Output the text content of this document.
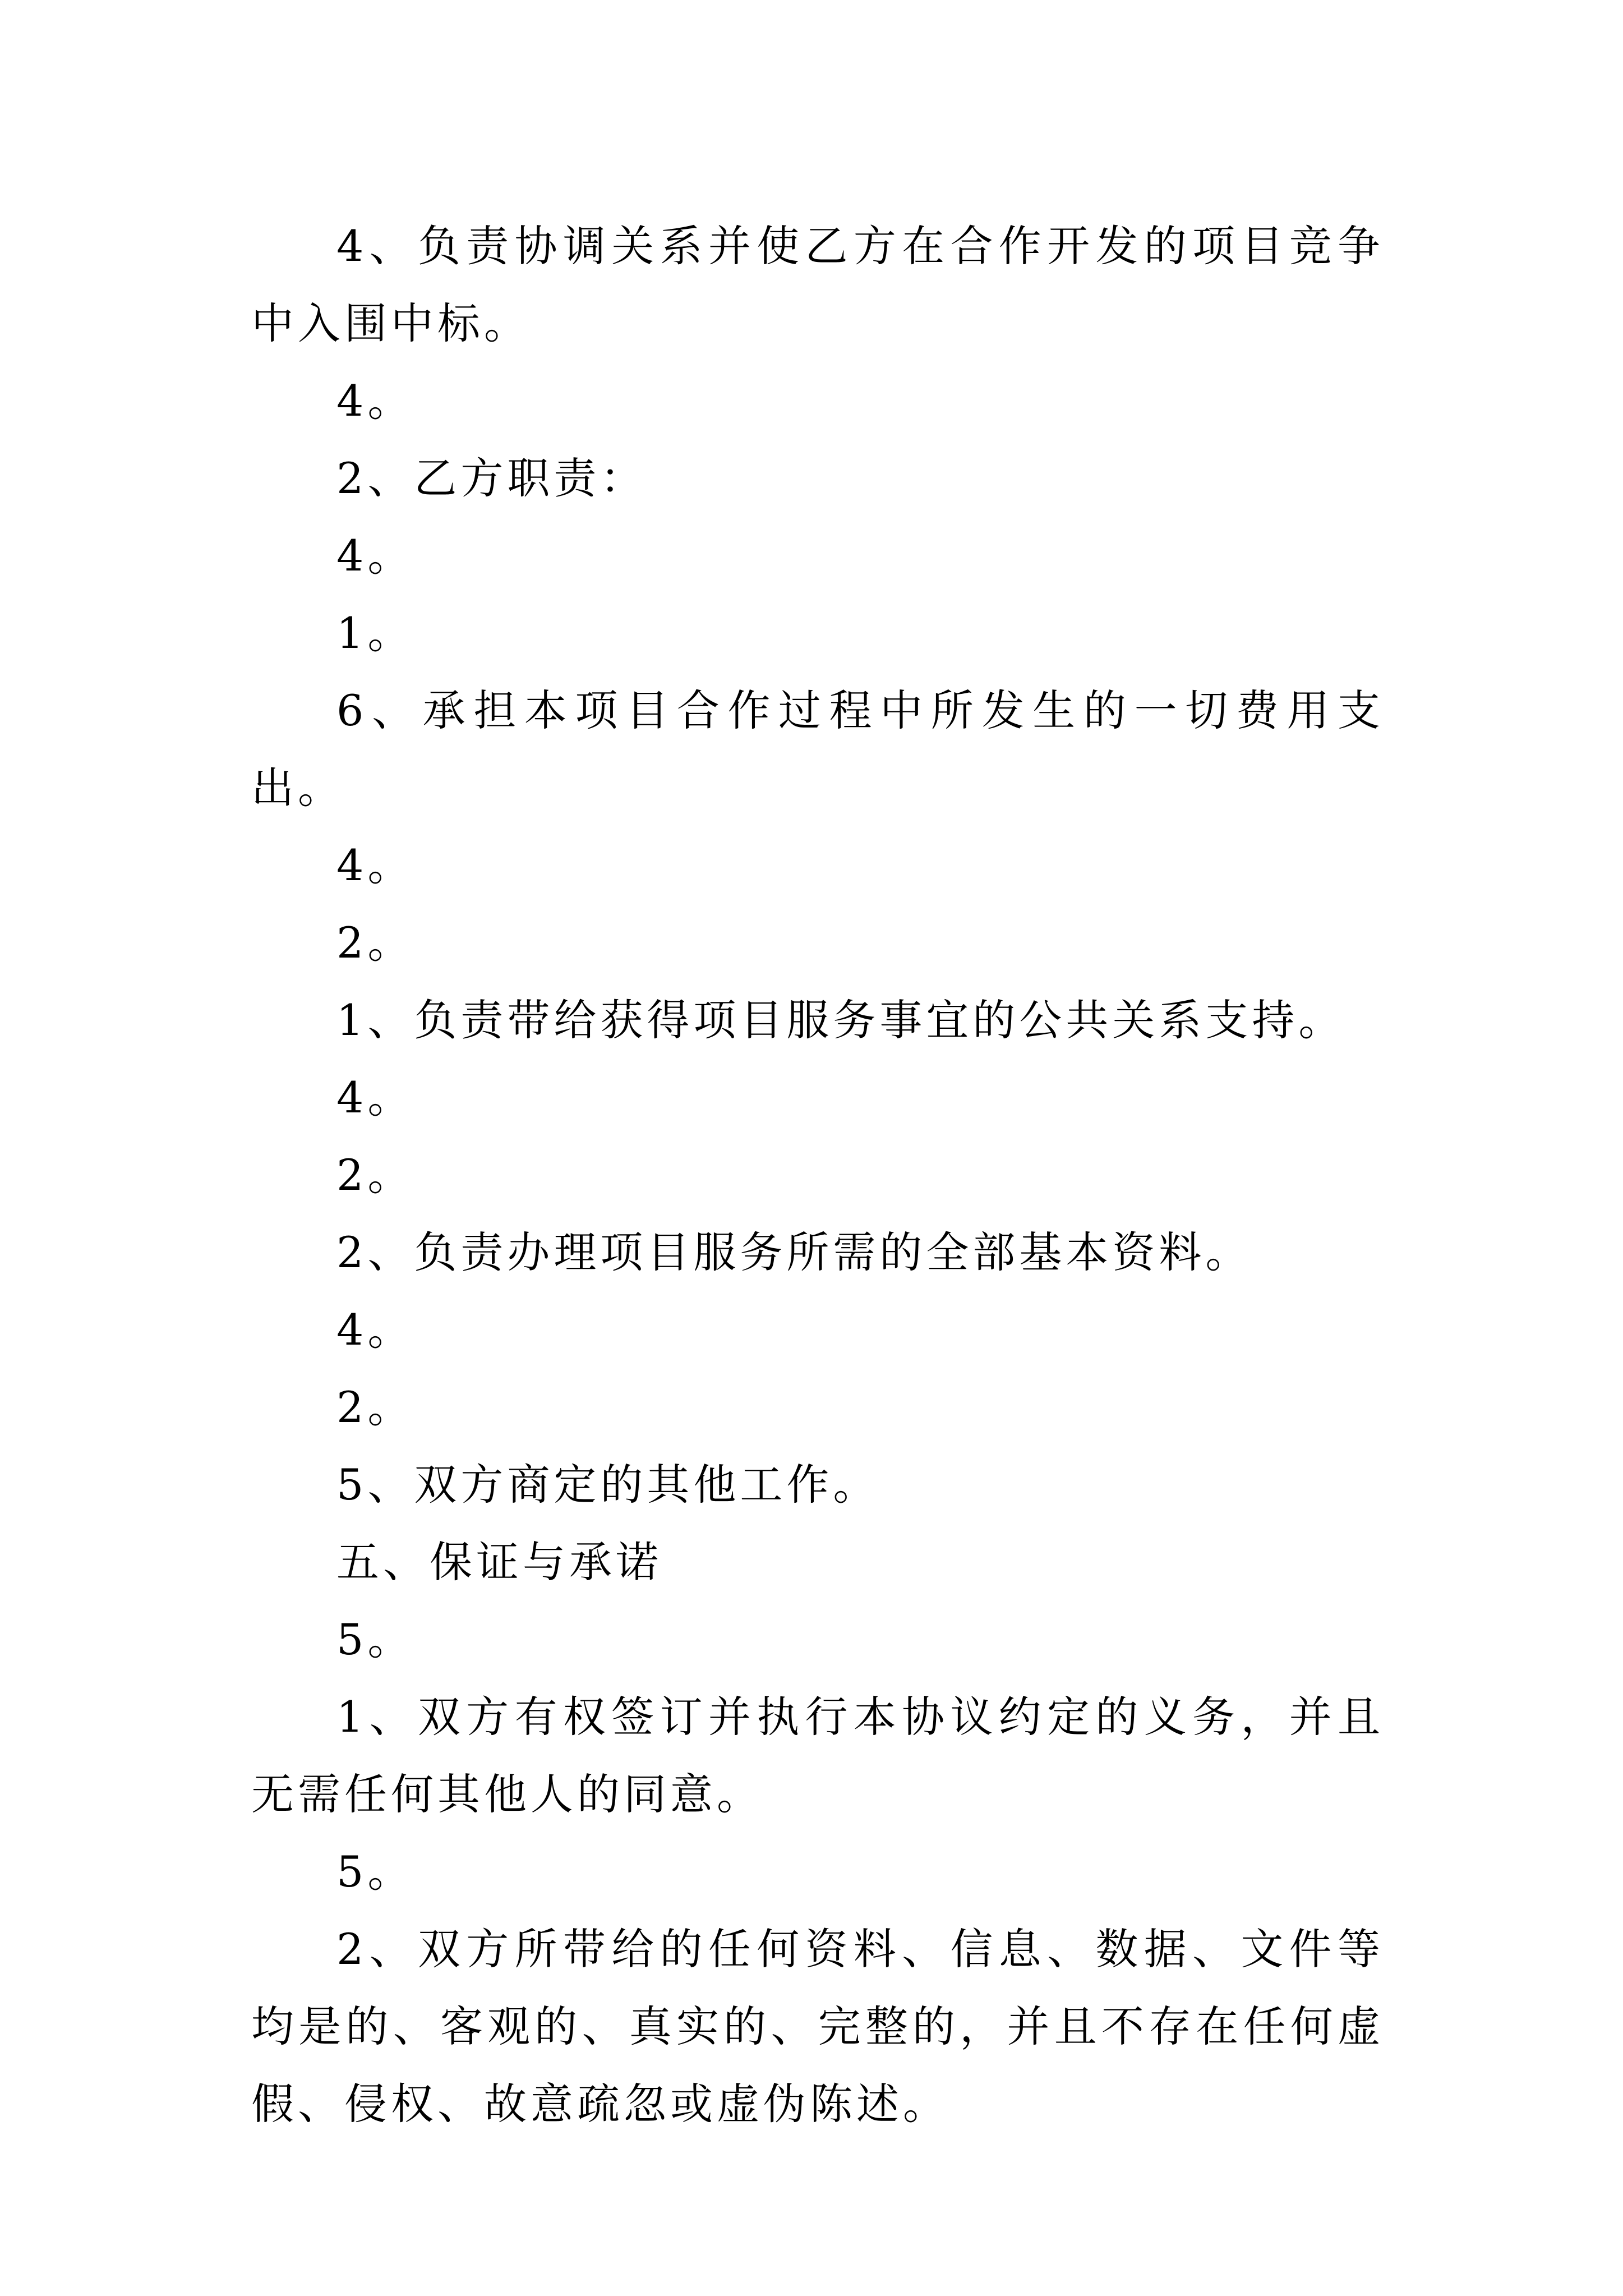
4、负责协调关系并使乙方在合作开发的项目竞争中入围中标。

4。

2、乙方职责：

4。

1。

6、承担本项目合作过程中所发生的一切费用支出。

4。

2。

1、负责带给获得项目服务事宜的公共关系支持。

4。

2。

2、负责办理项目服务所需的全部基本资料。

4。

2。

5、双方商定的其他工作。

五、保证与承诺

5。

1、双方有权签订并执行本协议约定的义务，并且无需任何其他人的同意。

5。

2、双方所带给的任何资料、信息、数据、文件等均是的、客观的、真实的、完整的，并且不存在任何虚假、侵权、故意疏忽或虚伪陈述。
